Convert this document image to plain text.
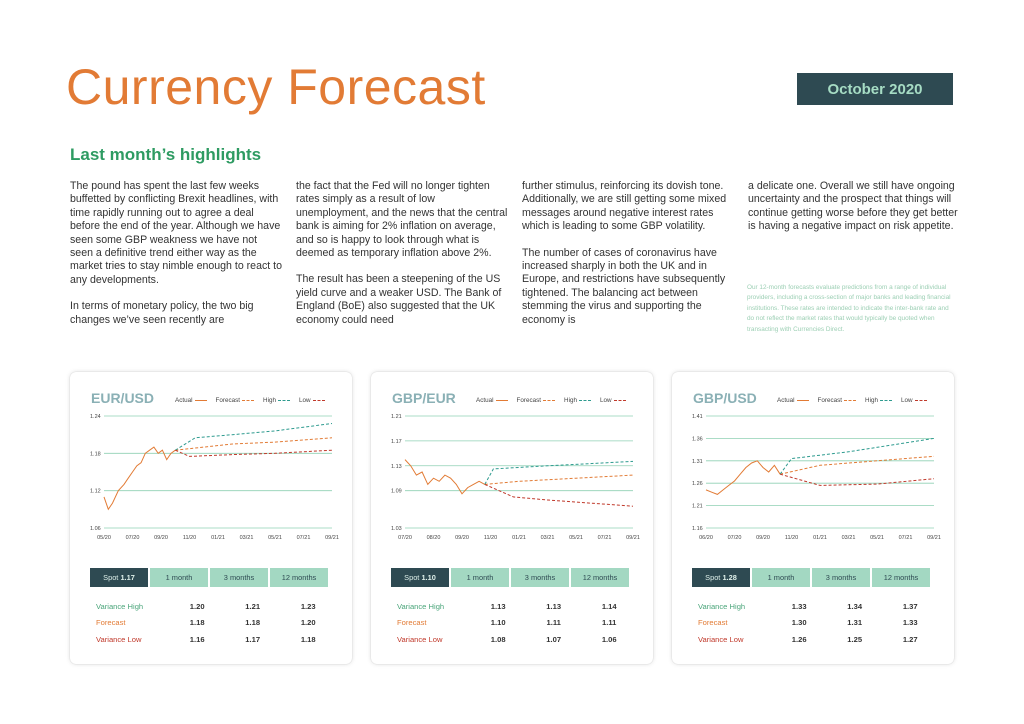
Currency Forecast	October 2020
Last month’s highlights

The pound has spent the last few weeks buffetted by conflicting Brexit headlines, with time rapidly running out to agree a deal before the end of the year. Although we have seen some GBP weakness we have not seen a definitive trend either way as the market tries to stay nimble enough to react to any developments.

In terms of monetary policy, the two big changes we’ve seen recently are

the fact that the Fed will no longer tighten rates simply as a result of low unemployment, and the news that the central bank is aiming for 2% inflation on average, and so is happy to look through what is deemed as temporary inflation above 2%.

The result has been a steepening of the US yield curve and a weaker USD. The Bank of England (BoE) also suggested that the UK economy could need

further stimulus, reinforcing its dovish tone. Additionally, we are still getting some mixed messages around negative interest rates which is leading to some GBP volatility.

The number of cases of coronavirus have increased sharply in both the UK and in Europe, and restrictions have subsequently tightened. The balancing act between stemming the virus and supporting the economy is

a delicate one. Overall we still have ongoing uncertainty and the prospect that things will continue getting worse before they get better is having a negative impact on risk appetite.

Our 12-month forecasts evaluate predictions from a range of individual providers, including a cross-section of major banks and leading financial institutions. These rates are intended to indicate the inter-bank rate and do not reflect the market rates that would typically be quoted when transacting with Currencies Direct.
EUR/USD	Actual	Forecast	High	Low
1.06
1.12
1.18
1.24
05/20	07/20	09/20	11/20	01/21	03/21	05/21	07/21	09/21
Spot
1.17	1 month	3 months	12 months
Variance High	1.20	1.21	1.23
Forecast	1.18	1.18	1.20
Variance Low	1.16	1.17	1.18
GBP/EUR	Actual	Forecast	High	Low
1.03
1.09
1.13
1.17
1.21
07/20	08/20	09/20	11/20	01/21	03/21	05/21	07/21	09/21
Spot
1.10	1 month	3 months	12 months
Variance High	1.13	1.13	1.14
Forecast	1.10	1.11	1.11
Variance Low	1.08	1.07	1.06
GBP/USD	Actual	Forecast	High	Low
1.16
1.21
1.26
1.31
1.36
1.41
06/20	07/20	09/20	11/20	01/21	03/21	05/21	07/21	09/21
Spot
1.28	1 month	3 months	12 months
Variance High	1.33	1.34	1.37
Forecast	1.30	1.31	1.33
Variance Low	1.26	1.25	1.27
